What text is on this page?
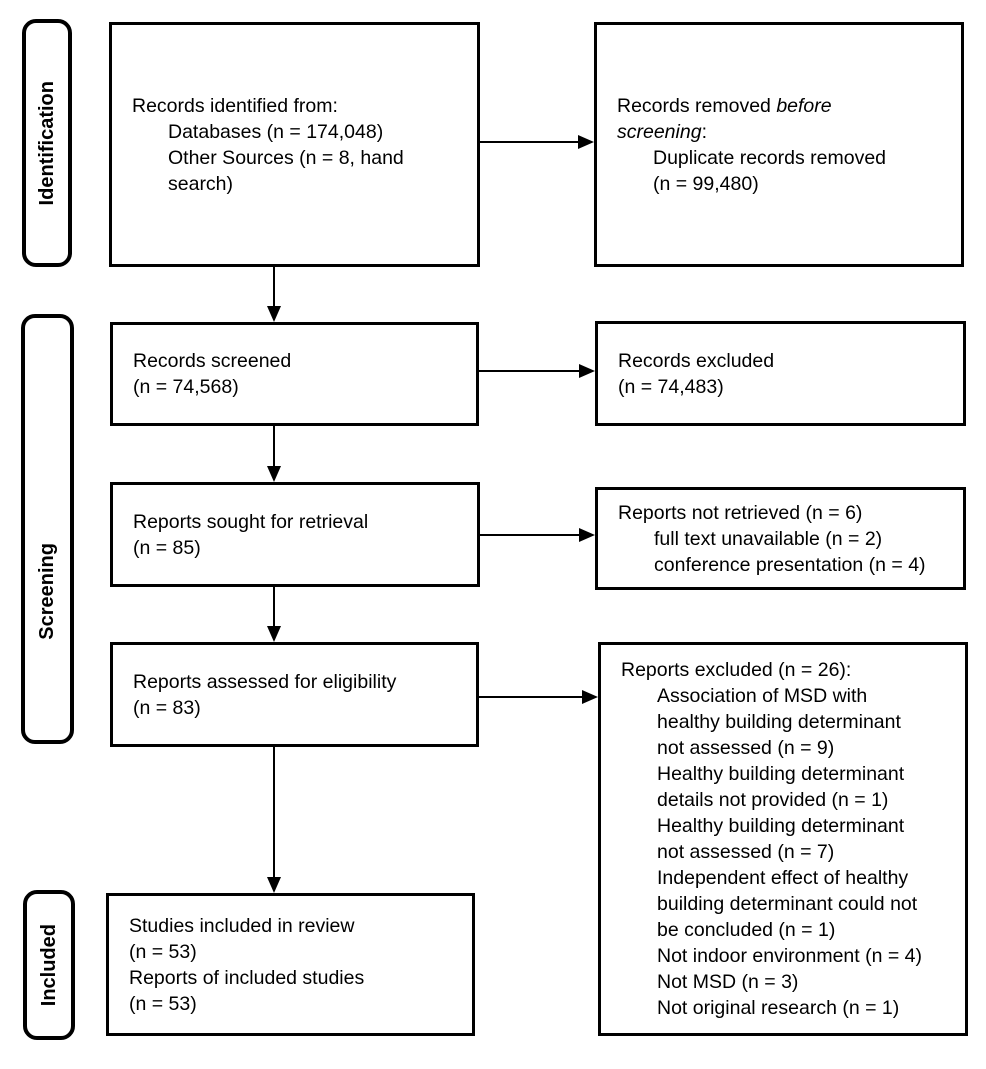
Identification
Screening
Included
Records identified from:
Databases (n = 174,048)
Other Sources (n = 8, hand
search)
Records screened
(n = 74,568)
Reports sought for retrieval
(n = 85)
Reports assessed for eligibility
(n = 83)
Studies included in review
(n = 53)
Reports of included studies
(n = 53)
Records removed before
screening:
Duplicate records removed
(n = 99,480)
Records excluded
(n = 74,483)
Reports not retrieved (n = 6)
full text unavailable (n = 2)
conference presentation (n = 4)
Reports excluded (n = 26):
Association of MSD with
healthy building determinant
not assessed (n = 9)
Healthy building determinant
details not provided (n = 1)
Healthy building determinant
not assessed (n = 7)
Independent effect of healthy
building determinant could not
be concluded (n = 1)
Not indoor environment (n = 4)
Not MSD (n = 3)
Not original research (n = 1)
